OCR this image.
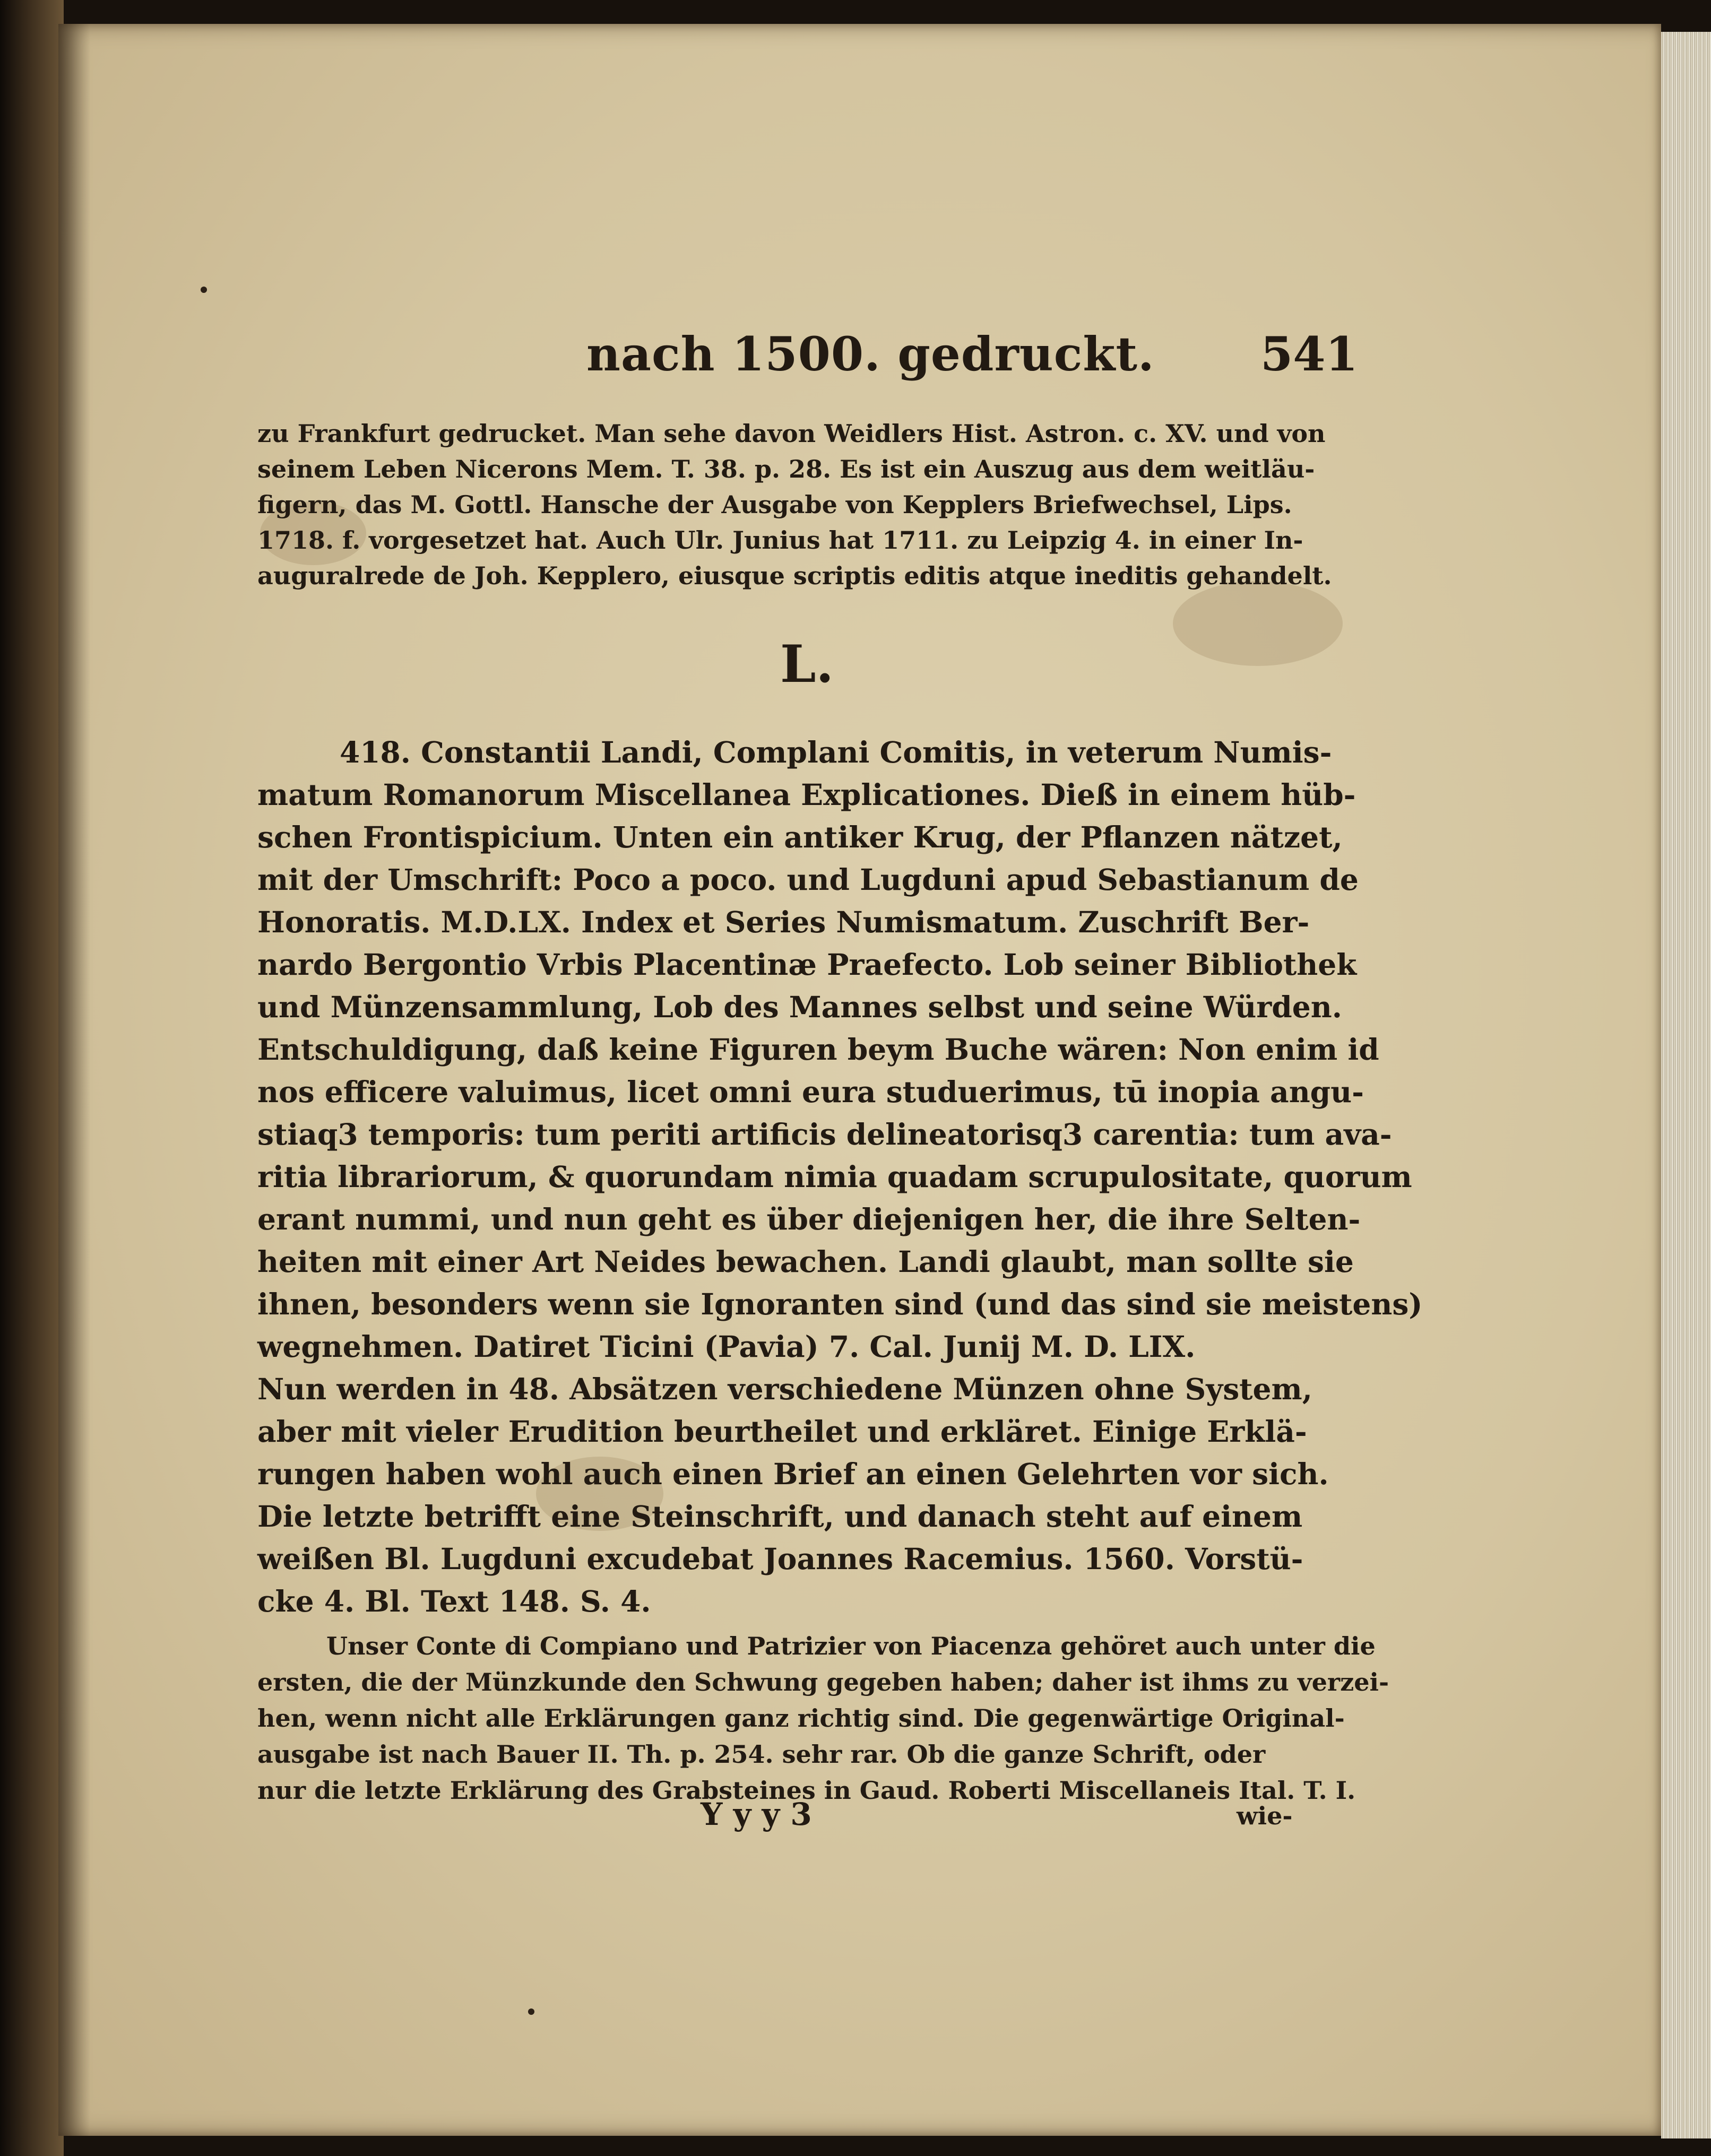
nach 1500. gedruckt. 541
zu Frankfurt gedrucket. Man sehe davon Weidlers Hist. Astron. c. XV. und von
seinem Leben Nicerons Mem. T. 38. p. 28. Es ist ein Auszug aus dem weitläu-
figern, das M. Gottl. Hansche der Ausgabe von Kepplers Briefwechsel, Lips.
1718. f. vorgesetzet hat. Auch Ulr. Junius hat 1711. zu Leipzig 4. in einer In-
auguralrede de Joh. Kepplero, eiusque scriptis editis atque ineditis gehandelt.
L.
418. Constantii Landi, Complani Comitis, in veterum Numis-
matum Romanorum Miscellanea Explicationes. Dieß in einem hüb-
schen Frontispicium. Unten ein antiker Krug, der Pflanzen nätzet,
mit der Umschrift: Poco a poco. und Lugduni apud Sebastianum de
Honoratis. M.D.LX. Index et Series Numismatum. Zuschrift Ber-
nardo Bergontio Vrbis Placentinæ Praefecto. Lob seiner Bibliothek
und Münzensammlung, Lob des Mannes selbst und seine Würden.
Entschuldigung, daß keine Figuren beym Buche wären: Non enim id
nos efficere valuimus, licet omni eura studuerimus, tū inopia angu-
stiaq3 temporis: tum periti artificis delineatorisq3 carentia: tum ava-
ritia librariorum, & quorundam nimia quadam scrupulositate, quorum
erant nummi, und nun geht es über diejenigen her, die ihre Selten-
heiten mit einer Art Neides bewachen. Landi glaubt, man sollte sie
ihnen, besonders wenn sie Ignoranten sind (und das sind sie meistens)
wegnehmen. Datiret Ticini (Pavia) 7. Cal. Junij M. D. LIX.
Nun werden in 48. Absätzen verschiedene Münzen ohne System,
aber mit vieler Erudition beurtheilet und erkläret. Einige Erklä-
rungen haben wohl auch einen Brief an einen Gelehrten vor sich.
Die letzte betrifft eine Steinschrift, und danach steht auf einem
weißen Bl. Lugduni excudebat Joannes Racemius. 1560. Vorstü-
cke 4. Bl. Text 148. S. 4.
Unser Conte di Compiano und Patrizier von Piacenza gehöret auch unter die
ersten, die der Münzkunde den Schwung gegeben haben; daher ist ihms zu verzei-
hen, wenn nicht alle Erklärungen ganz richtig sind. Die gegenwärtige Original-
ausgabe ist nach Bauer II. Th. p. 254. sehr rar. Ob die ganze Schrift, oder
nur die letzte Erklärung des Grabsteines in Gaud. Roberti Miscellaneis Ital. T. I.
Y y y 3	wie-
